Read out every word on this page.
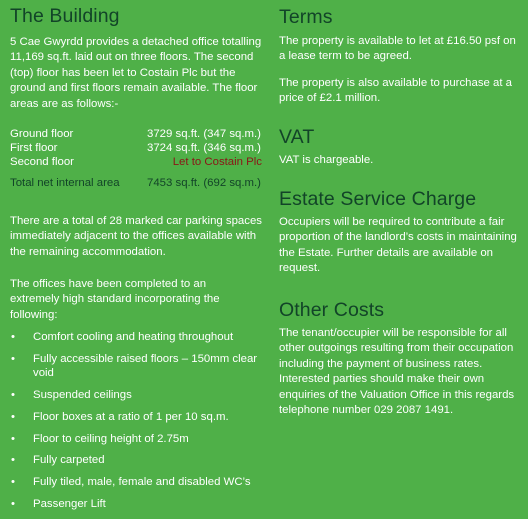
The Building

5 Cae Gwyrdd provides a detached office totalling 11,169 sq.ft. laid out on three floors. The second (top) floor has been let to Costain Plc but the ground and first floors remain available. The floor areas are as follows:-

Ground floor	3729 sq.ft. (347 sq.m.)
First floor	3724 sq.ft. (346 sq.m.)
Second floor	Let to Costain Plc
Total net internal area 7453 sq.ft. (692 sq.m.)

There are a total of 28 marked car parking spaces immediately adjacent to the offices available with the remaining accommodation.

The offices have been completed to an extremely high standard incorporating the following:

• Comfort cooling and heating throughout
• Fully accessible raised floors – 150mm clear void
• Suspended ceilings
• Floor boxes at a ratio of 1 per 10 sq.m.
• Floor to ceiling height of 2.75m
• Fully carpeted
• Fully tiled, male, female and disabled WC’s
• Passenger Lift
Terms

The property is available to let at £16.50 psf on a lease term to be agreed.

The property is also available to purchase at a price of £2.1 million.

VAT

VAT is chargeable.

Estate Service Charge

Occupiers will be required to contribute a fair proportion of the landlord’s costs in maintaining the Estate. Further details are available on request.

Other Costs

The tenant/occupier will be responsible for all other outgoings resulting from their occupation including the payment of business rates. Interested parties should make their own enquiries of the Valuation Office in this regards telephone number 029 2087 1491.
